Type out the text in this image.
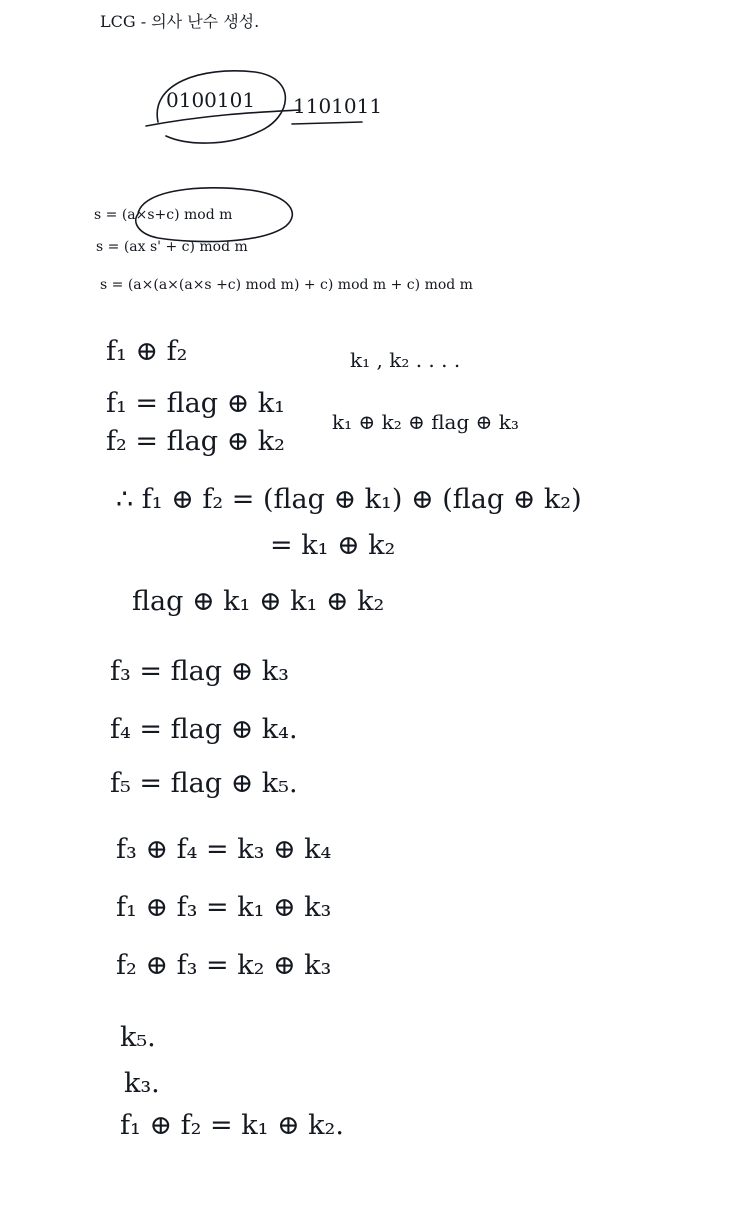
LCG - 의사 난수 생성.
0100101 1101011
s = (a×s+c) mod m
s = (ax s' + c) mod m
s = (a×(a×(a×s +c) mod m) + c) mod m + c) mod m
f₁ ⊕ f₂	k₁ , k₂ . . . .
f₁ = flag ⊕ k₁
k₁ ⊕ k₂ ⊕ flag ⊕ k₃
f₂ = flag ⊕ k₂
∴ f₁ ⊕ f₂ = (flag ⊕ k₁) ⊕ (flag ⊕ k₂)
= k₁ ⊕ k₂
flag ⊕ k₁ ⊕ k₁ ⊕ k₂
f₃ = flag ⊕ k₃
f₄ = flag ⊕ k₄.
f₅ = flag ⊕ k₅.
f₃ ⊕ f₄ = k₃ ⊕ k₄
f₁ ⊕ f₃ = k₁ ⊕ k₃
f₂ ⊕ f₃ = k₂ ⊕ k₃
k₅.
k₃.
f₁ ⊕ f₂ = k₁ ⊕ k₂.
